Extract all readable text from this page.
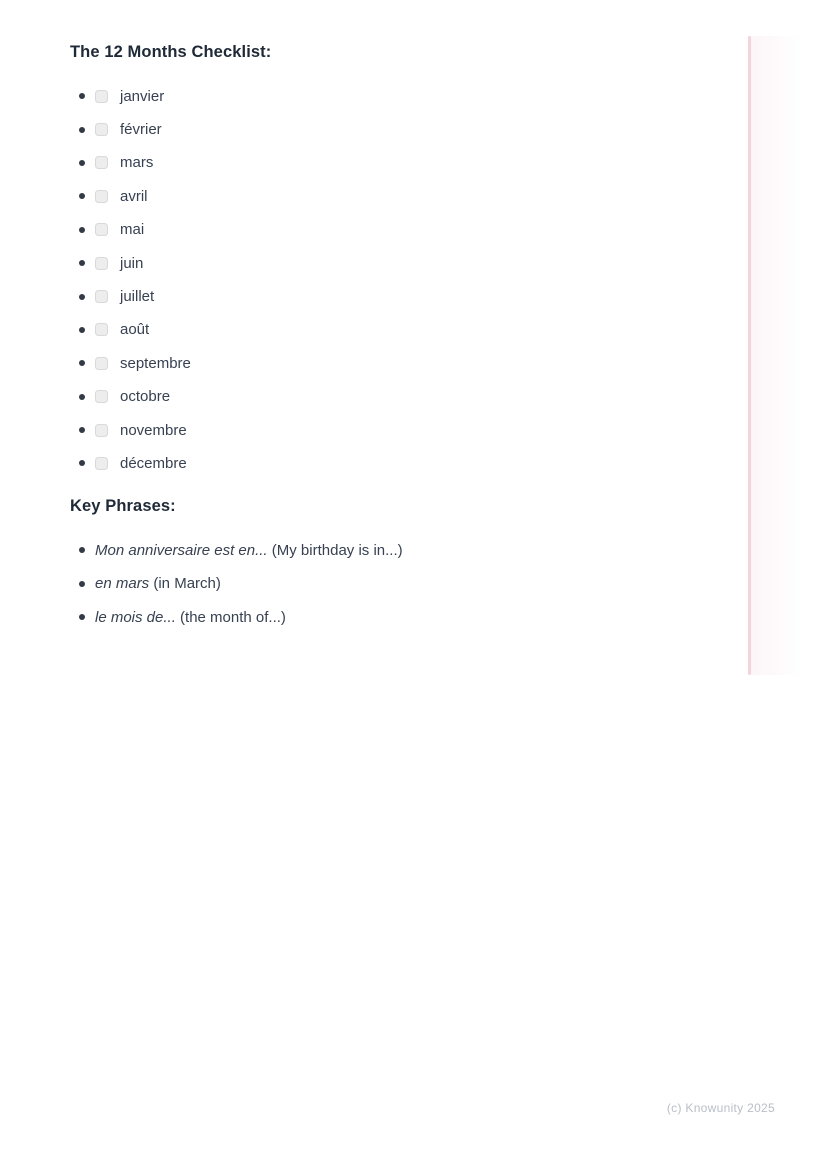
The 12 Months Checklist:
janvier
février
mars
avril
mai
juin
juillet
août
septembre
octobre
novembre
décembre
Key Phrases:
Mon anniversaire est en... (My birthday is in...)
en mars (in March)
le mois de... (the month of...)
(c) Knowunity 2025
